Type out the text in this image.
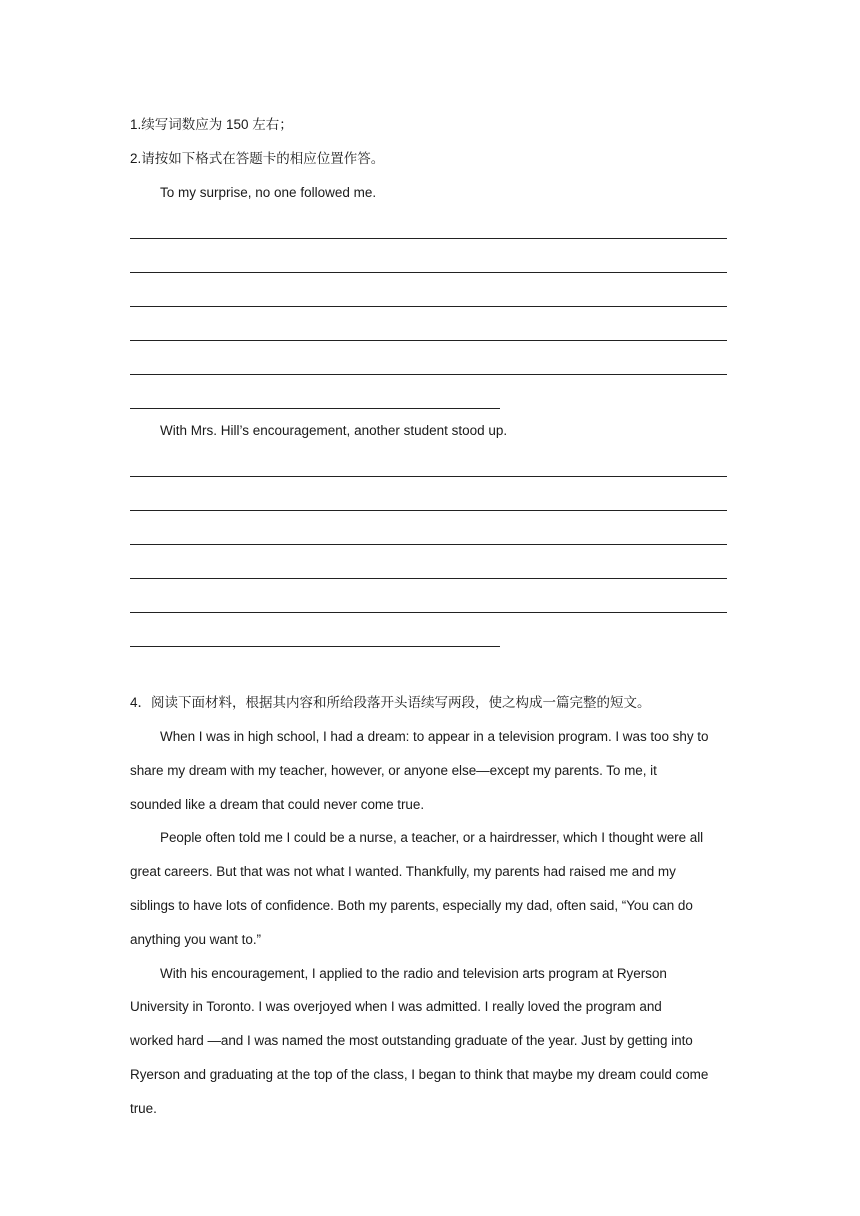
1.续写词数应为 150 左右；
2.请按如下格式在答题卡的相应位置作答。
To my surprise, no one followed me.
With Mrs. Hill’s encouragement, another student stood up.
4．阅读下面材料，根据其内容和所给段落开头语续写两段，使之构成一篇完整的短文。

When I was in high school, I had a dream: to appear in a television program. I was too shy to
share my dream with my teacher, however, or anyone else—except my parents. To me, it
sounded like a dream that could never come true.

People often told me I could be a nurse, a teacher, or a hairdresser, which I thought were all
great careers. But that was not what I wanted. Thankfully, my parents had raised me and my
siblings to have lots of confidence. Both my parents, especially my dad, often said, “You can do
anything you want to.”

With his encouragement, I applied to the radio and television arts program at Ryerson
University in Toronto. I was overjoyed when I was admitted. I really loved the program and
worked hard —and I was named the most outstanding graduate of the year. Just by getting into
Ryerson and graduating at the top of the class, I began to think that maybe my dream could come
true.
